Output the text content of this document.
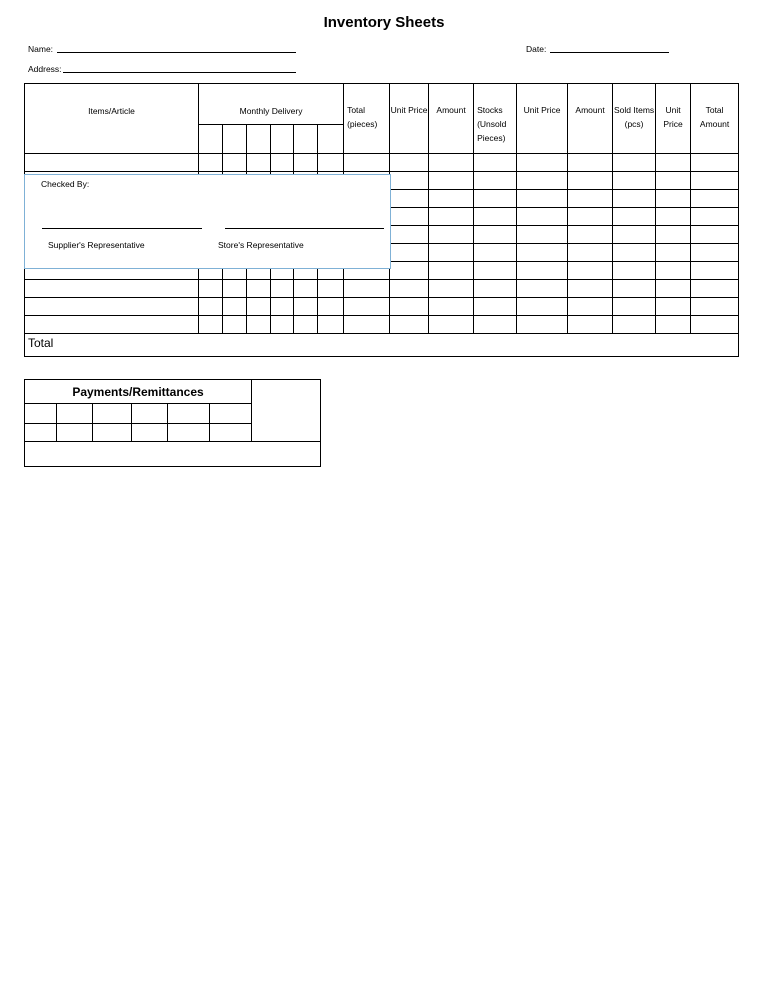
Inventory Sheets
Name:	Date:
Address:
Items/Article	Monthly Delivery						Total (pieces)	Unit Price	Amount	Stocks (Unsold Pieces)	Unit Price	Amount	Sold Items (pcs)	Unit Price	Total Amount

Total															
Checked By:
Supplier's Representative	Store's Representative
Payments/Remittances						
